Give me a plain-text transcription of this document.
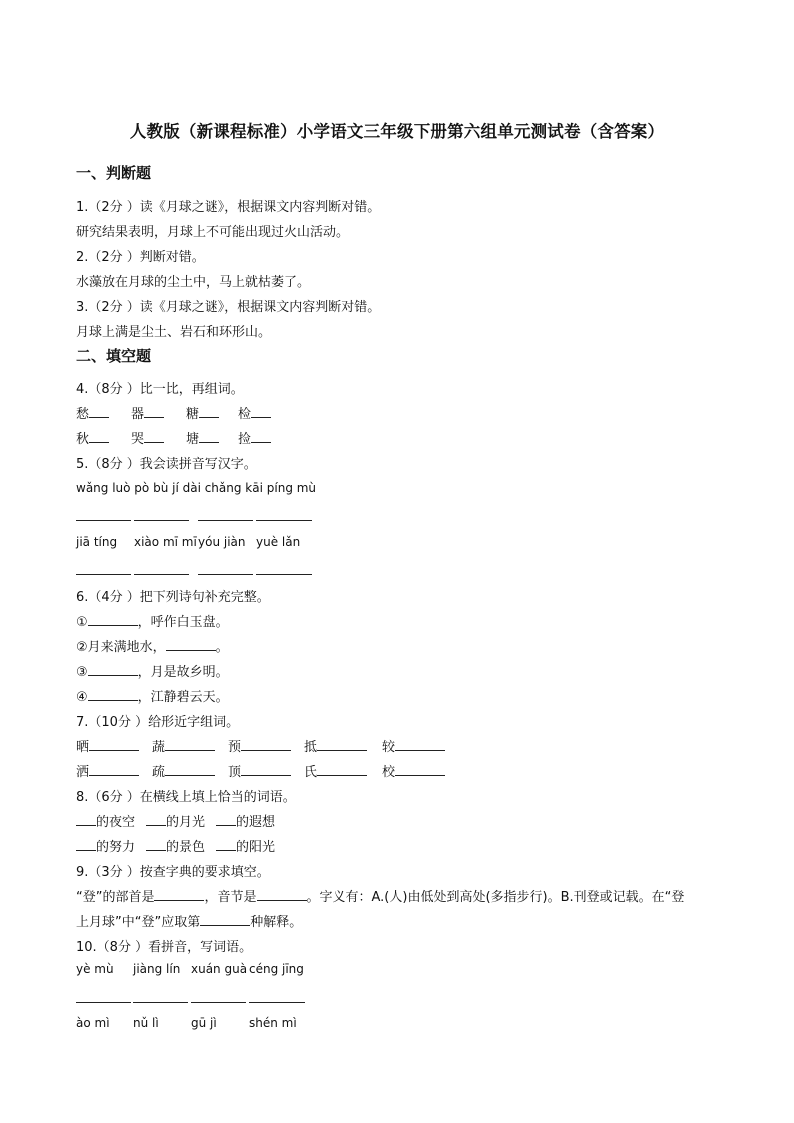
人教版（新课程标准）小学语文三年级下册第六组单元测试卷（含答案）
一、判断题
1.（2分 ）读《月球之谜》，根据课文内容判断对错。
研究结果表明，月球上不可能出现过火山活动。
2.（2分 ）判断对错。
水藻放在月球的尘土中，马上就枯萎了。
3.（2分 ）读《月球之谜》，根据课文内容判断对错。
月球上满是尘土、岩石和环形山。
二、填空题
4.（8分 ）比一比，再组词。
愁	器	糖	检
秋	哭	塘	捡
5.（8分 ）我会读拼音写汉字。
wǎng luò pò bù jí dài chǎng kāi píng mù
jiā tíng xiào mī mī yóu jiàn yuè lǎn
6.（4分 ）把下列诗句补充完整。
①	，呼作白玉盘。
②月来满地水，	。
③	，月是故乡明。
④	，江静碧云天。
7.（10分 ）给形近字组词。
晒	蔬	预	抵	较
洒	疏	顶	氏	校
8.（6分 ）在横线上填上恰当的词语。
的夜空	的月光	的遐想
的努力	的景色	的阳光
9.（3分 ）按查字典的要求填空。
“登”的部首是	，音节是	。字义有：A.(人)由低处到高处(多指步行)。B.刊登或记载。在“登
上月球”中“登”应取第	种解释。
10.（8分 ）看拼音，写词语。
yè mù jiàng lín xuán guà céng jīng
ào mì nǔ lì	gū jì	shén mì
